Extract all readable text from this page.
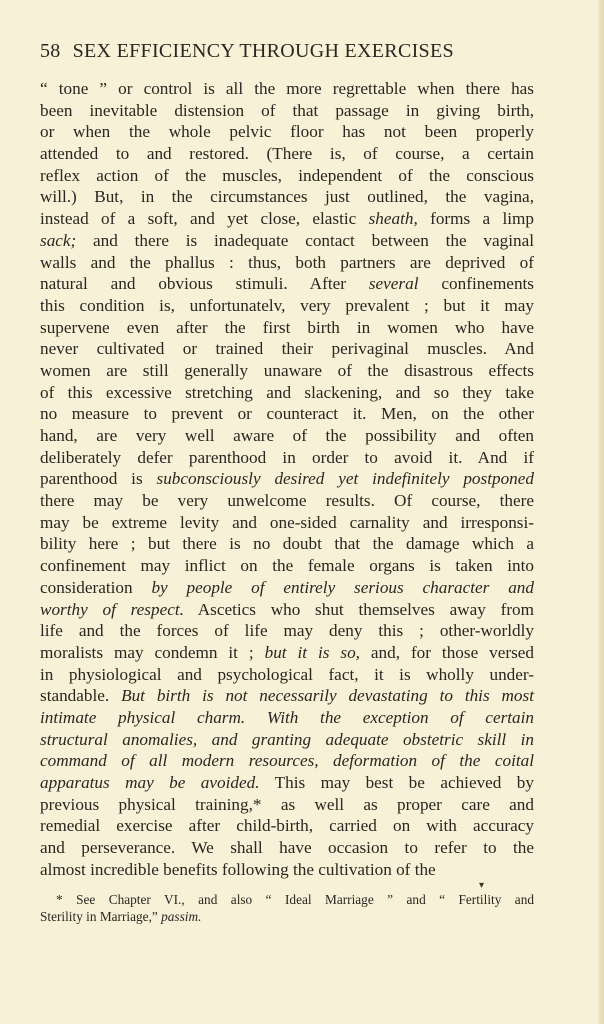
58 SEX EFFICIENCY THROUGH EXERCISES
“ tone ” or control is all the more regrettable when there has
been inevitable distension of that passage in giving birth,
or when the whole pelvic floor has not been properly
attended to and restored. (There is, of course, a certain
reflex action of the muscles, independent of the conscious
will.) But, in the circumstances just outlined, the vagina,
instead of a soft, and yet close, elastic sheath, forms a limp
sack; and there is inadequate contact between the vaginal
walls and the phallus : thus, both partners are deprived of
natural and obvious stimuli. After several confinements
this condition is, unfortunatelv, very prevalent ; but it may
supervene even after the first birth in women who have
never cultivated or trained their perivaginal muscles. And
women are still generally unaware of the disastrous effects
of this excessive stretching and slackening, and so they take
no measure to prevent or counteract it. Men, on the other
hand, are very well aware of the possibility and often
deliberately defer parenthood in order to avoid it. And if
parenthood is subconsciously desired yet indefinitely postponed
there may be very unwelcome results. Of course, there
may be extreme levity and one-sided carnality and irresponsi-
bility here ; but there is no doubt that the damage which a
confinement may inflict on the female organs is taken into
consideration by people of entirely serious character and
worthy of respect. Ascetics who shut themselves away from
life and the forces of life may deny this ; other-worldly
moralists may condemn it ; but it is so, and, for those versed
in physiological and psychological fact, it is wholly under-
standable. But birth is not necessarily devastating to this most
intimate physical charm. With the exception of certain
structural anomalies, and granting adequate obstetric skill in
command of all modern resources, deformation of the coital
apparatus may be avoided. This may best be achieved by
previous physical training,* as well as proper care and
remedial exercise after child-birth, carried on with accuracy
and perseverance. We shall have occasion to refer to the
almost incredible benefits following the cultivation of the
▾
* See Chapter VI., and also “ Ideal Marriage ” and “ Fertility and
Sterility in Marriage,” passim.
